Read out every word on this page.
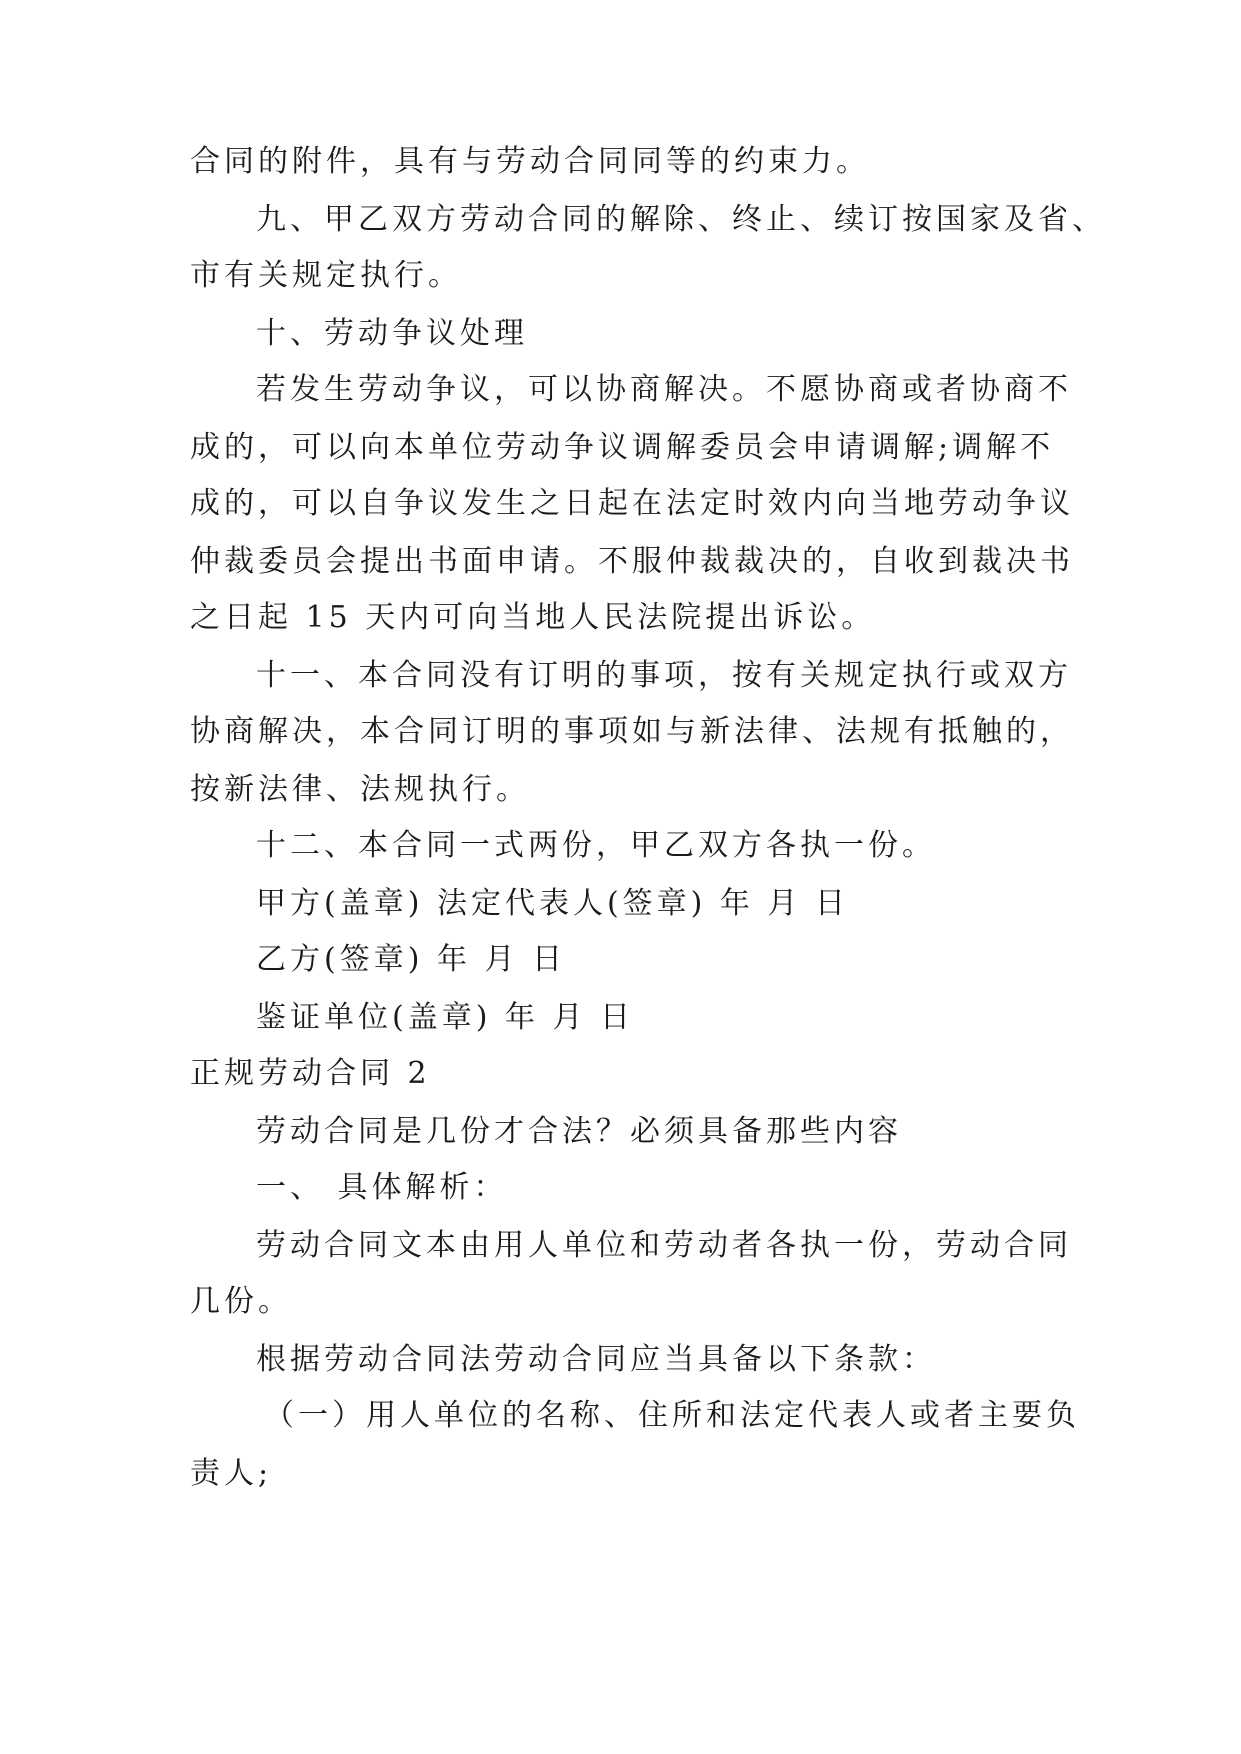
合同的附件，具有与劳动合同同等的约束力。
九、甲乙双方劳动合同的解除、终止、续订按国家及省、
市有关规定执行。
十、劳动争议处理
若发生劳动争议，可以协商解决。不愿协商或者协商不
成的，可以向本单位劳动争议调解委员会申请调解;调解不
成的，可以自争议发生之日起在法定时效内向当地劳动争议
仲裁委员会提出书面申请。不服仲裁裁决的，自收到裁决书
之日起 15 天内可向当地人民法院提出诉讼。
十一、本合同没有订明的事项，按有关规定执行或双方
协商解决，本合同订明的事项如与新法律、法规有抵触的，
按新法律、法规执行。
十二、本合同一式两份，甲乙双方各执一份。
甲方(盖章) 法定代表人(签章) 年 月 日
乙方(签章) 年 月 日
鉴证单位(盖章) 年 月 日
正规劳动合同 2
劳动合同是几份才合法？必须具备那些内容
一、 具体解析：
劳动合同文本由用人单位和劳动者各执一份，劳动合同
几份。
根据劳动合同法劳动合同应当具备以下条款：
（一）用人单位的名称、住所和法定代表人或者主要负
责人;
